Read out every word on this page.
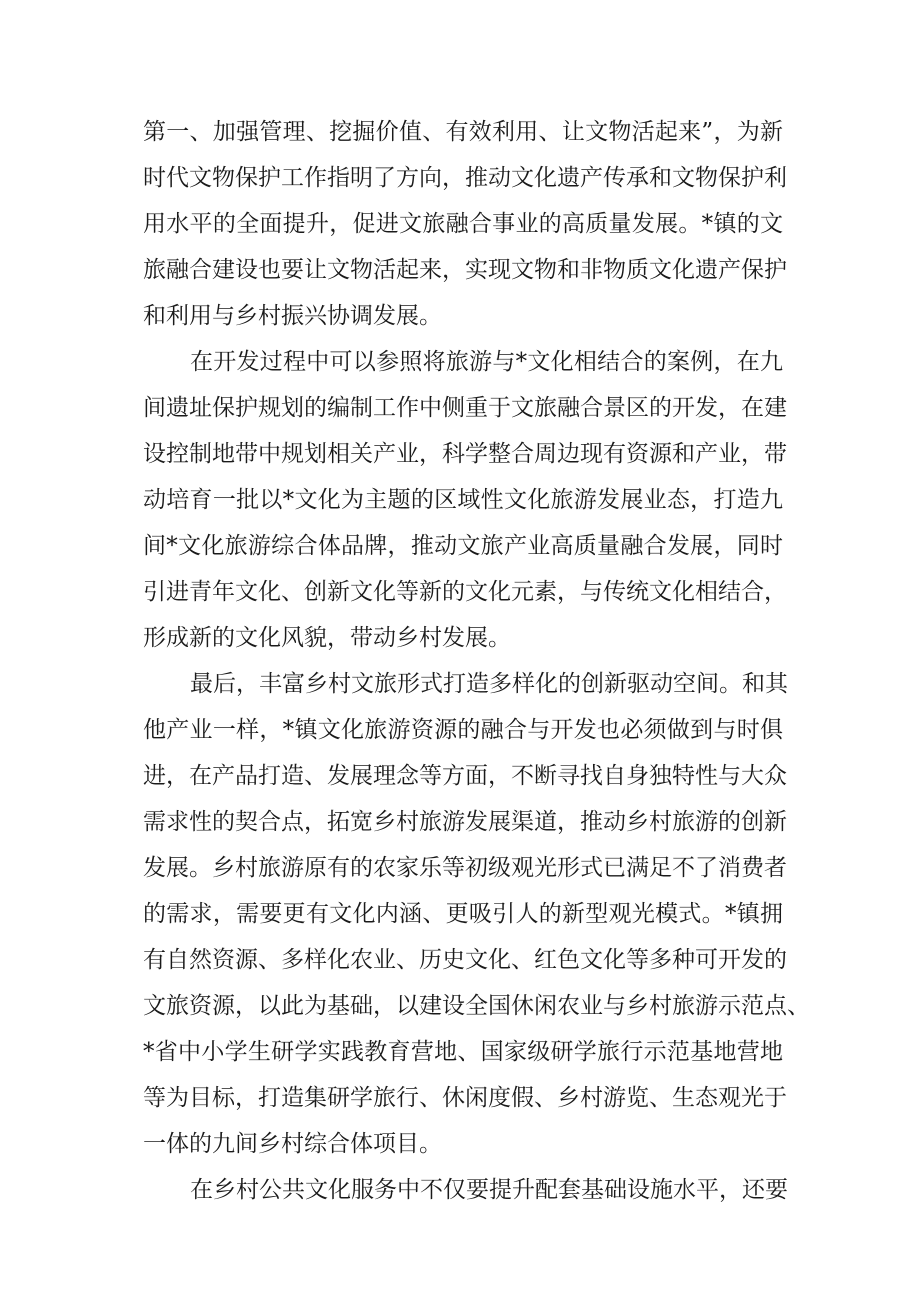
第一、加强管理、挖掘价值、有效利用、让文物活起来”，为新
时代文物保护工作指明了方向，推动文化遗产传承和文物保护利
用水平的全面提升，促进文旅融合事业的高质量发展。*镇的文
旅融合建设也要让文物活起来，实现文物和非物质文化遗产保护
和利用与乡村振兴协调发展。
在开发过程中可以参照将旅游与*文化相结合的案例，在九
间遗址保护规划的编制工作中侧重于文旅融合景区的开发，在建
设控制地带中规划相关产业，科学整合周边现有资源和产业，带
动培育一批以*文化为主题的区域性文化旅游发展业态，打造九
间*文化旅游综合体品牌，推动文旅产业高质量融合发展，同时
引进青年文化、创新文化等新的文化元素，与传统文化相结合，
形成新的文化风貌，带动乡村发展。
最后，丰富乡村文旅形式打造多样化的创新驱动空间。和其
他产业一样，*镇文化旅游资源的融合与开发也必须做到与时俱
进，在产品打造、发展理念等方面，不断寻找自身独特性与大众
需求性的契合点，拓宽乡村旅游发展渠道，推动乡村旅游的创新
发展。乡村旅游原有的农家乐等初级观光形式已满足不了消费者
的需求，需要更有文化内涵、更吸引人的新型观光模式。*镇拥
有自然资源、多样化农业、历史文化、红色文化等多种可开发的
文旅资源，以此为基础，以建设全国休闲农业与乡村旅游示范点、
*省中小学生研学实践教育营地、国家级研学旅行示范基地营地
等为目标，打造集研学旅行、休闲度假、乡村游览、生态观光于
一体的九间乡村综合体项目。
在乡村公共文化服务中不仅要提升配套基础设施水平，还要
